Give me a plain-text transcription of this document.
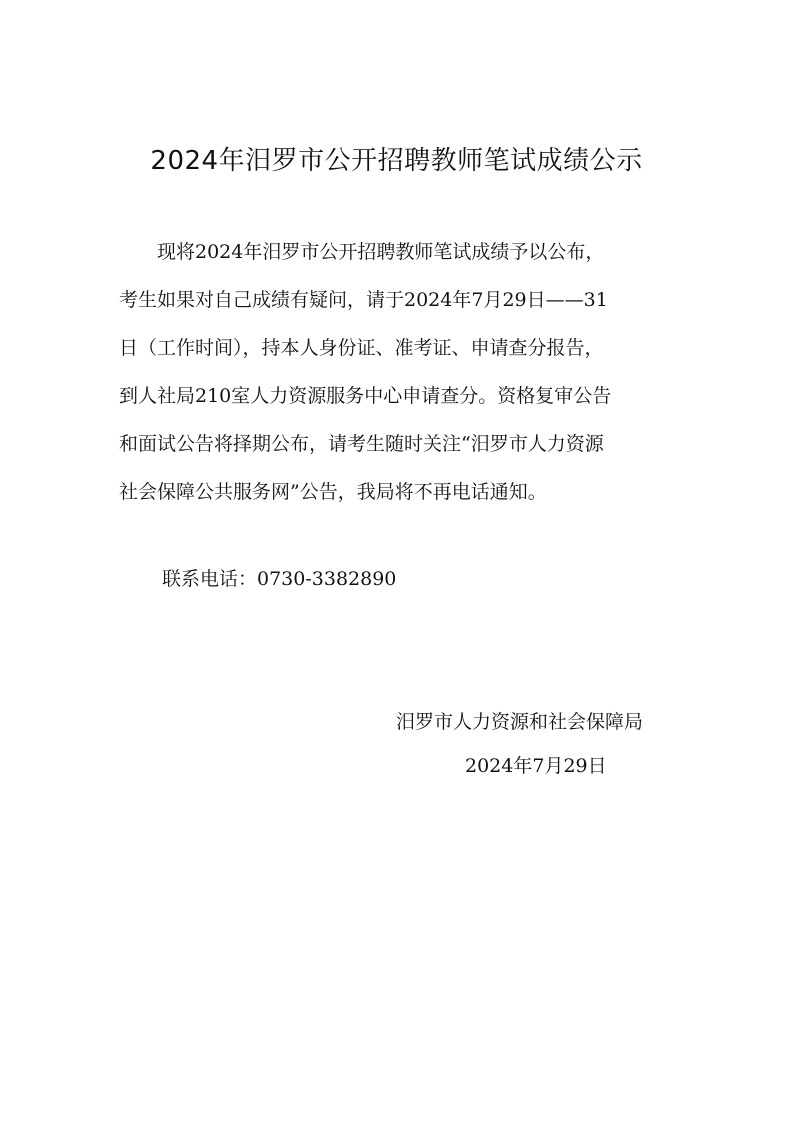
2024年汨罗市公开招聘教师笔试成绩公示

　　现将2024年汨罗市公开招聘教师笔试成绩予以公布，

考生如果对自己成绩有疑问，请于2024年7月29日——31

日（工作时间），持本人身份证、准考证、申请查分报告，

到人社局210室人力资源服务中心申请查分。资格复审公告

和面试公告将择期公布，请考生随时关注“汨罗市人力资源

社会保障公共服务网”公告，我局将不再电话通知。

联系电话：0730-3382890

汨罗市人力资源和社会保障局

2024年7月29日
